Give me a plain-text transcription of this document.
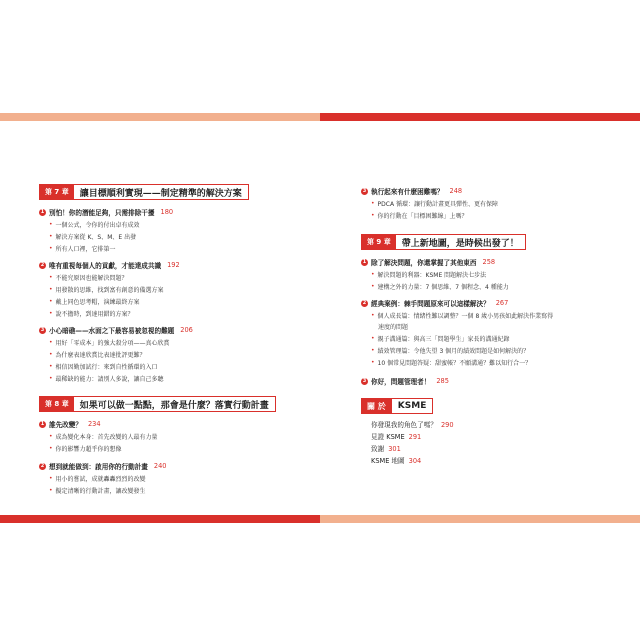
第 7 章	讓目標順利實現——制定精準的解決方案
1 別怕！你的潛能足夠，只需排除干擾 180
• 一個公式，令你的付出卓有成效
• 解決方案從 K、S、M、E 出發
• 所有人口裡，它排第一
2 唯有重視每個人的貢獻，才能達成共識 192
• 不能究原因也能解決問題？
• 用發散的思維，找到富有創意的備選方案
• 戴上同色思考帽，演練最終方案
• 說不擔時，到達用錯的方案？
3 小心暗礁——水面之下最容易被忽視的難題 206
• 用好「零成本」的強大殺分項——真心欣賞
• 為什麼表達欣賞比表達批評更難？
• 相信因勤加試行：來到自性循環的入口
• 最稀缺的能力：請別人多說，讓自己多聽
第 8 章	如果可以做一點點，那會是什麼？落實行動計畫
1 誰先改變？ 234
• 成為變化本身：首先改變的人最有力量
• 你的影響力超乎你的想像
2 想到就能做到：啟用你的行動計畫 240
• 用小的嘗試，成就轟轟烈烈的改變
• 擬定清晰的行動計畫，讓改變發生
3 執行起來有什麼困難嗎？ 248
• PDCA 循環：讓行動計畫更具彈性、更有保障
• 你的行動在「目標困難線」上嗎？
第 9 章	帶上新地圖，是時候出發了！
1 除了解決問題，你還掌握了其他東西 258
• 解決問題的利器：KSME 問題解決七步法
• 建構之外的力量：7 個思維、7 個程念、4 種能力
2 經典案例：棘手問題原來可以這樣解決？ 267
• 個人成長篇：情緒性難以調整？一個 8 歲小男孩如此解決作業寫得
速度的問題
• 親子溝通篇：與高三「問題學生」家長的溝通紀錄
• 績效管理篇：令他失望 3 個月的績效問題是如何解決的？
• 10 個常見問題答疑：甜蜜帳？不願溝通？難以知行合一？
3 你好，問題管理者！ 285
關 於	KSME
你發現我的角色了嗎？ 290
見證 KSME 291
致謝 301
KSME 地圖 304
